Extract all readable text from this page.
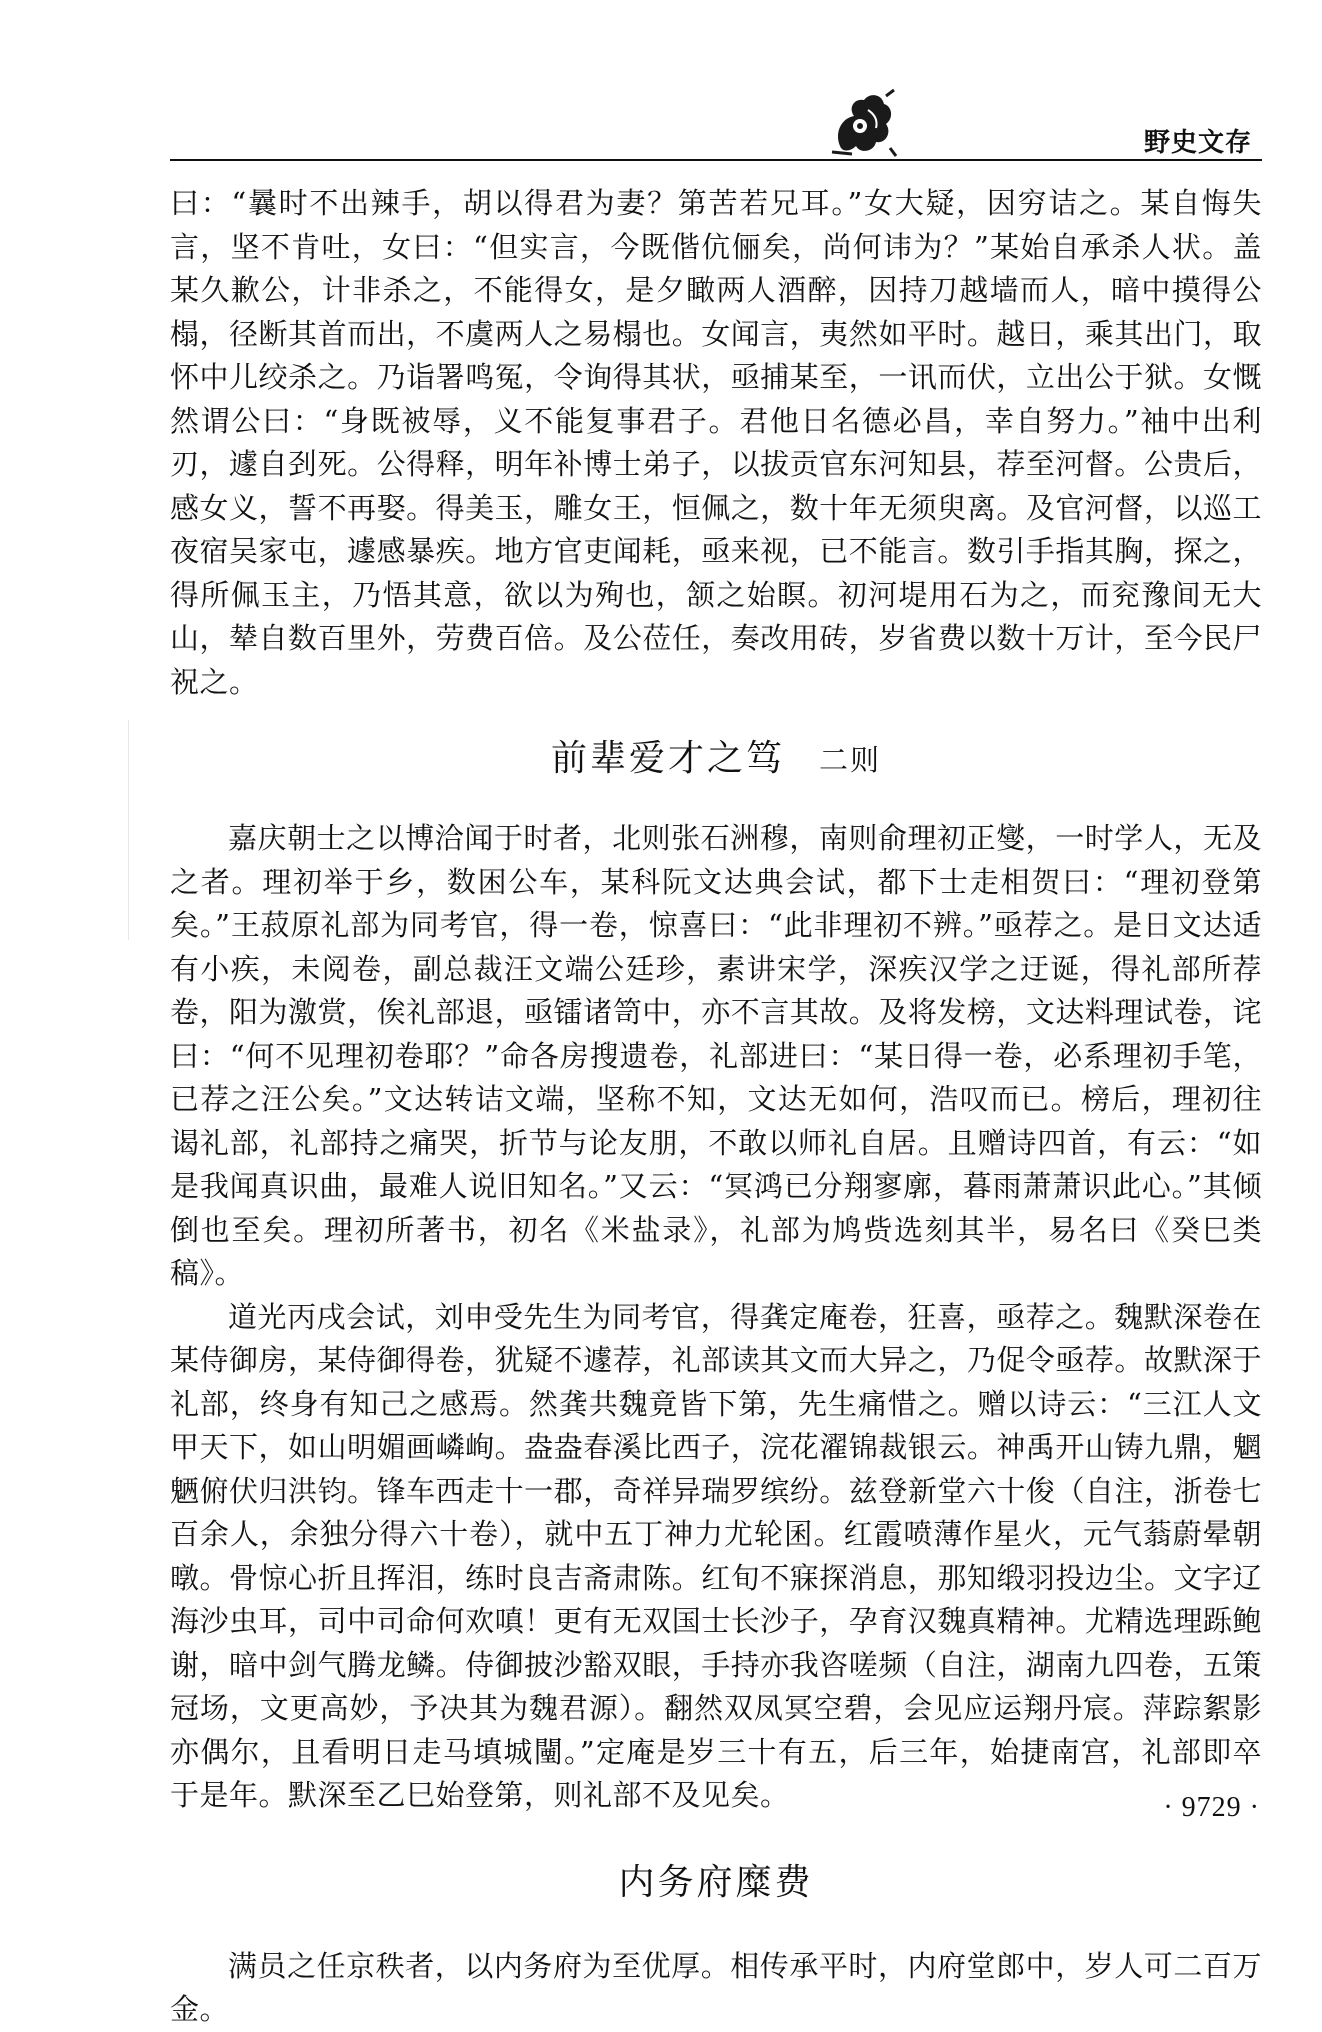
野史文存

曰：“曩时不出辣手，胡以得君为妻？第苦若兄耳。”女大疑，因穷诘之。某自悔失言，坚不肯吐，女曰：“但实言，今既偕伉俪矣，尚何讳为？”某始自承杀人状。盖某久歉公，计非杀之，不能得女，是夕瞰两人酒醉，因持刀越墙而人，暗中摸得公榻，径断其首而出，不虞两人之易榻也。女闻言，夷然如平时。越日，乘其出门，取怀中儿绞杀之。乃诣署鸣冤，令询得其状，亟捕某至，一讯而伏，立出公于狱。女慨然谓公曰：“身既被辱，义不能复事君子。君他日名德必昌，幸自努力。”袖中出利刃，遽自刭死。公得释，明年补博士弟子，以拔贡官东河知县，荐至河督。公贵后，感女义，誓不再娶。得美玉，雕女王，恒佩之，数十年无须臾离。及官河督，以巡工夜宿吴家屯，遽感暴疾。地方官吏闻耗，亟来视，已不能言。数引手指其胸，探之，得所佩玉主，乃悟其意，欲以为殉也，颔之始瞑。初河堤用石为之，而兖豫间无大山，辇自数百里外，劳费百倍。及公莅任，奏改用砖，岁省费以数十万计，至今民尸祝之。

前辈爱才之笃 二则

嘉庆朝士之以博洽闻于时者，北则张石洲穆，南则俞理初正燮，一时学人，无及之者。理初举于乡，数困公车，某科阮文达典会试，都下士走相贺曰：“理初登第矣。”王菽原礼部为同考官，得一卷，惊喜曰：“此非理初不辨。”亟荐之。是日文达适有小疾，未阅卷，副总裁汪文端公廷珍，素讲宋学，深疾汉学之迂诞，得礼部所荐卷，阳为激赏，俟礼部退，亟镭诸笥中，亦不言其故。及将发榜，文达料理试卷，诧曰：“何不见理初卷耶？”命各房搜遗卷，礼部进曰：“某日得一卷，必系理初手笔，已荐之汪公矣。”文达转诘文端，坚称不知，文达无如何，浩叹而已。榜后，理初往谒礼部，礼部持之痛哭，折节与论友朋，不敢以师礼自居。且赠诗四首，有云：“如是我闻真识曲，最难人说旧知名。”又云：“冥鸿已分翔寥廓，暮雨萧萧识此心。”其倾倒也至矣。理初所著书，初名《米盐录》，礼部为鸠赀选刻其半，易名曰《癸巳类稿》。

道光丙戌会试，刘申受先生为同考官，得龚定庵卷，狂喜，亟荐之。魏默深卷在某侍御房，某侍御得卷，犹疑不遽荐，礼部读其文而大异之，乃促令亟荐。故默深于礼部，终身有知己之感焉。然龚共魏竟皆下第，先生痛惜之。赠以诗云：“三江人文甲天下，如山明媚画嶙峋。盎盎春溪比西子，浣花濯锦裁银云。神禹开山铸九鼎，魍魉俯伏归洪钧。锋车西走十一郡，奇祥异瑞罗缤纷。兹登新堂六十俊（自注，浙卷七百余人，余独分得六十卷），就中五丁神力尤轮囷。红霞喷薄作星火，元气蓊蔚晕朝暾。骨惊心折且挥泪，练时良吉斋肃陈。红旬不寐探消息，那知缎羽投边尘。文字辽海沙虫耳，司中司命何欢嗔！更有无双国士长沙子，孕育汉魏真精神。尤精选理跞鲍谢，暗中剑气腾龙鳞。侍御披沙豁双眼，手持亦我咨嗟频（自注，湖南九四卷，五策冠场，文更高妙，予决其为魏君源）。翻然双凤冥空碧，会见应运翔丹宸。萍踪絮影亦偶尔，且看明日走马填城闉。”定庵是岁三十有五，后三年，始捷南宫，礼部即卒于是年。默深至乙巳始登第，则礼部不及见矣。

内务府糜费

满员之任京秩者，以内务府为至优厚。相传承平时，内府堂郎中，岁人可二百万金。

· 9729 ·
